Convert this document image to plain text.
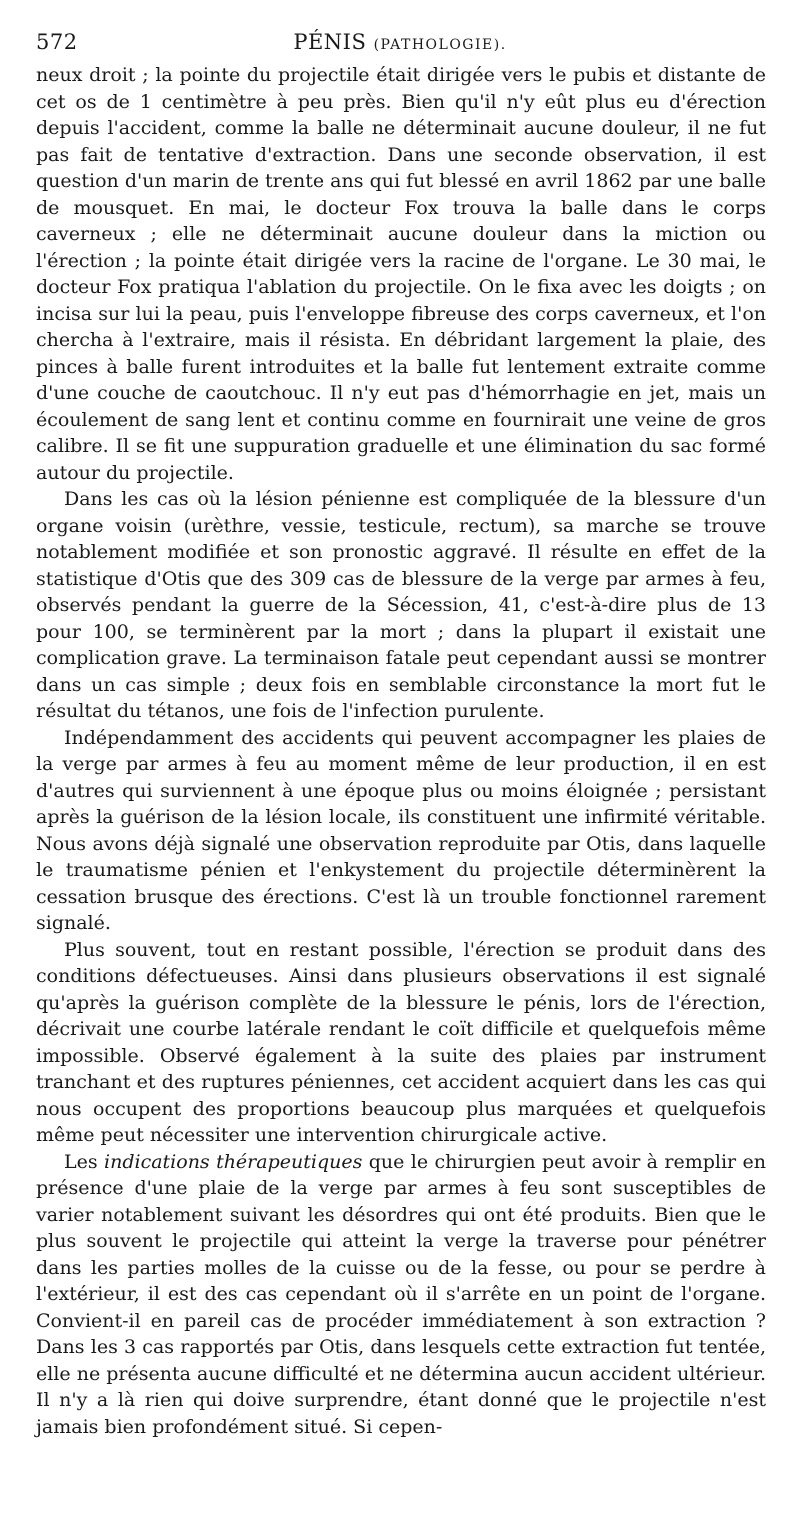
572	PÉNIS (PATHOLOGIE).

neux droit ; la pointe du projectile était dirigée vers le pubis et distante de cet os de 1 centimètre à peu près. Bien qu'il n'y eût plus eu d'érection depuis l'accident, comme la balle ne déterminait aucune douleur, il ne fut pas fait de tentative d'extraction. Dans une seconde observation, il est question d'un marin de trente ans qui fut blessé en avril 1862 par une balle de mousquet. En mai, le docteur Fox trouva la balle dans le corps caverneux ; elle ne déterminait aucune douleur dans la miction ou l'érection ; la pointe était dirigée vers la racine de l'organe. Le 30 mai, le docteur Fox pratiqua l'ablation du projectile. On le fixa avec les doigts ; on incisa sur lui la peau, puis l'enveloppe fibreuse des corps caverneux, et l'on chercha à l'extraire, mais il résista. En débridant largement la plaie, des pinces à balle furent introduites et la balle fut lentement extraite comme d'une couche de caoutchouc. Il n'y eut pas d'hémorrhagie en jet, mais un écoulement de sang lent et continu comme en fournirait une veine de gros calibre. Il se fit une suppuration graduelle et une élimination du sac formé autour du projectile.

Dans les cas où la lésion pénienne est compliquée de la blessure d'un organe voisin (urèthre, vessie, testicule, rectum), sa marche se trouve notablement modifiée et son pronostic aggravé. Il résulte en effet de la statistique d'Otis que des 309 cas de blessure de la verge par armes à feu, observés pendant la guerre de la Sécession, 41, c'est-à-dire plus de 13 pour 100, se terminèrent par la mort ; dans la plupart il existait une complication grave. La terminaison fatale peut cependant aussi se montrer dans un cas simple ; deux fois en semblable circonstance la mort fut le résultat du tétanos, une fois de l'infection purulente.

Indépendamment des accidents qui peuvent accompagner les plaies de la verge par armes à feu au moment même de leur production, il en est d'autres qui surviennent à une époque plus ou moins éloignée ; persistant après la guérison de la lésion locale, ils constituent une infirmité véritable. Nous avons déjà signalé une observation reproduite par Otis, dans laquelle le traumatisme pénien et l'enkystement du projectile déterminèrent la cessation brusque des érections. C'est là un trouble fonctionnel rarement signalé.

Plus souvent, tout en restant possible, l'érection se produit dans des conditions défectueuses. Ainsi dans plusieurs observations il est signalé qu'après la guérison complète de la blessure le pénis, lors de l'érection, décrivait une courbe latérale rendant le coït difficile et quelquefois même impossible. Observé également à la suite des plaies par instrument tranchant et des ruptures péniennes, cet accident acquiert dans les cas qui nous occupent des proportions beaucoup plus marquées et quelquefois même peut nécessiter une intervention chirurgicale active.

Les indications thérapeutiques que le chirurgien peut avoir à remplir en présence d'une plaie de la verge par armes à feu sont susceptibles de varier notablement suivant les désordres qui ont été produits. Bien que le plus souvent le projectile qui atteint la verge la traverse pour pénétrer dans les parties molles de la cuisse ou de la fesse, ou pour se perdre à l'extérieur, il est des cas cependant où il s'arrête en un point de l'organe. Convient-il en pareil cas de procéder immédiatement à son extraction ? Dans les 3 cas rapportés par Otis, dans lesquels cette extraction fut tentée, elle ne présenta aucune difficulté et ne détermina aucun accident ultérieur. Il n'y a là rien qui doive surprendre, étant donné que le projectile n'est jamais bien profondément situé. Si cepen-
